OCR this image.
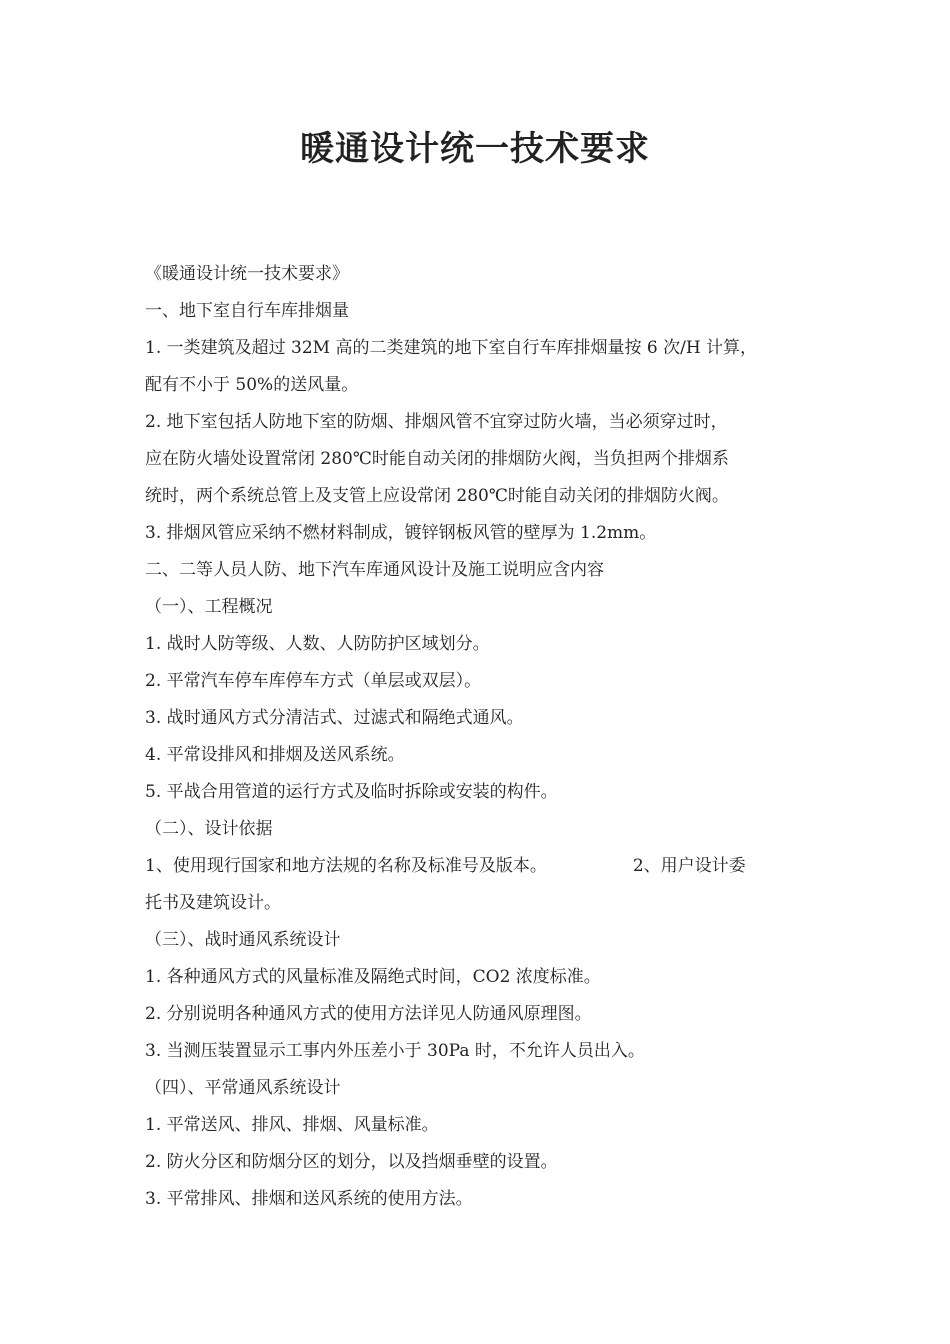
暖通设计统一技术要求

《暖通设计统一技术要求》

一、地下室自行车库排烟量

1. 一类建筑及超过 32M 高的二类建筑的地下室自行车库排烟量按 6 次/H 计算，

配有不小于 50%的送风量。

2. 地下室包括人防地下室的防烟、排烟风管不宜穿过防火墙，当必须穿过时，

应在防火墙处设置常闭 280℃时能自动关闭的排烟防火阀，当负担两个排烟系

统时，两个系统总管上及支管上应设常闭 280℃时能自动关闭的排烟防火阀。

3. 排烟风管应采纳不燃材料制成，镀锌钢板风管的壁厚为 1.2mm。

二、二等人员人防、地下汽车库通风设计及施工说明应含内容

（一）、工程概况

1. 战时人防等级、人数、人防防护区域划分。

2. 平常汽车停车库停车方式（单层或双层）。

3. 战时通风方式分清洁式、过滤式和隔绝式通风。

4. 平常设排风和排烟及送风系统。

5. 平战合用管道的运行方式及临时拆除或安装的构件。

（二）、设计依据

1、使用现行国家和地方法规的名称及标准号及版本。	2、用户设计委

托书及建筑设计。

（三）、战时通风系统设计

1. 各种通风方式的风量标准及隔绝式时间，CO2 浓度标准。

2. 分别说明各种通风方式的使用方法详见人防通风原理图。

3. 当测压装置显示工事内外压差小于 30Pa 时，不允许人员出入。

（四）、平常通风系统设计

1. 平常送风、排风、排烟、风量标准。

2. 防火分区和防烟分区的划分，以及挡烟垂壁的设置。

3. 平常排风、排烟和送风系统的使用方法。
